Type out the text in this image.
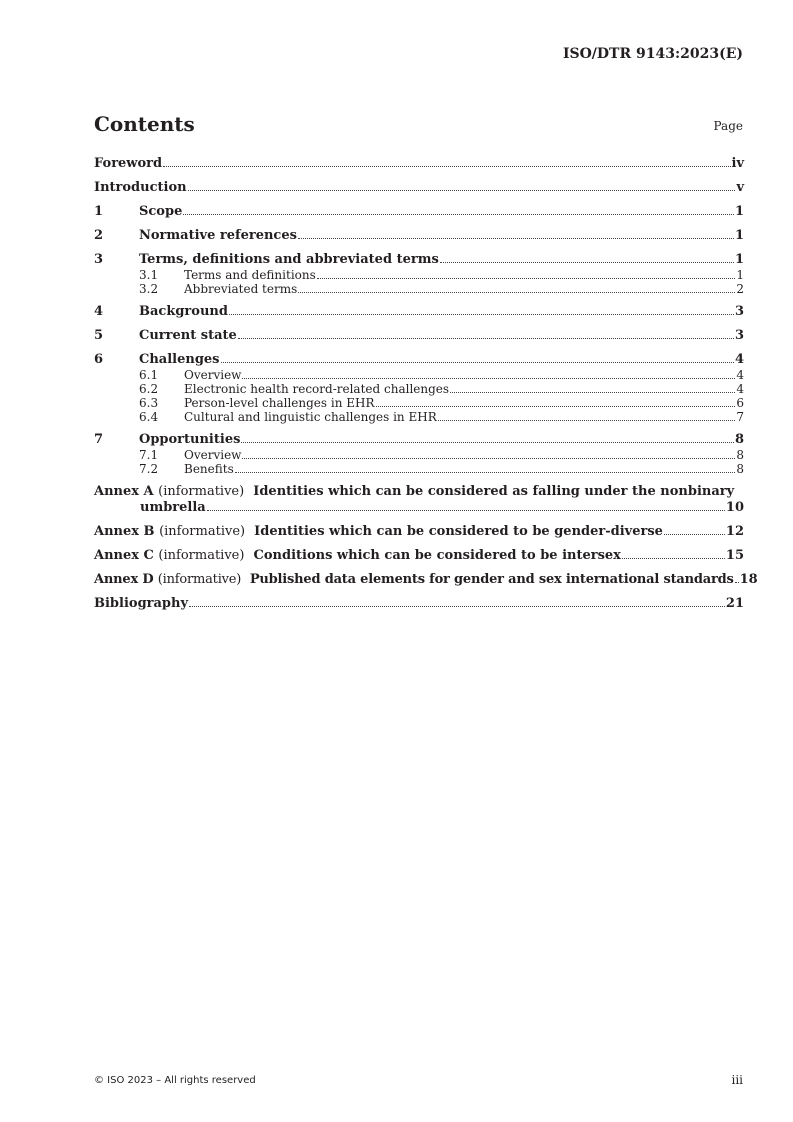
ISO/DTR 9143:2023(E)
Contents	Page
Foreword	iv
Introduction	v
1	Scope	1
2	Normative references	1
3	Terms, definitions and abbreviated terms	1
3.1	Terms and definitions	1
3.2	Abbreviated terms	2
4	Background	3
5	Current state	3
6	Challenges	4
6.1	Overview	4
6.2	Electronic health record-related challenges	4
6.3	Person-level challenges in EHR	6
6.4	Cultural and linguistic challenges in EHR	7
7	Opportunities	8
7.1	Overview	8
7.2	Benefits	8
Annex A (informative) Identities which can be considered as falling under the nonbinary
umbrella	10
Annex B (informative) Identities which can be considered to be gender-diverse	12
Annex C (informative) Conditions which can be considered to be intersex	15
Annex D (informative) Published data elements for gender and sex international standards 18
Bibliography	21
© ISO 2023 – All rights reserved	iii
